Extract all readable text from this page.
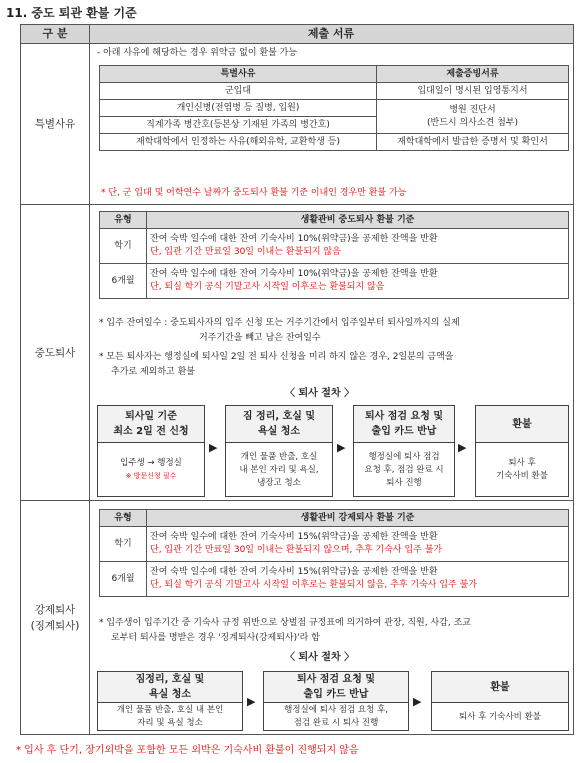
11. 중도 퇴관 환불 기준
구 분	제출 서류
특별사유
- 아래 사유에 해당하는 경우 위약금 없이 환불 가능
특별사유	제출증빙서류
군입대	입대일이 명시된 입영통지서
개인신병(전염병 등 질병, 입원)	병원 진단서
(반드시 의사소견 첨부)

직계가족 병간호(등본상 기재된 가족의 병간호)	
재학대학에서 인정하는 사유(해외유학, 교환학생 등)	재학대학에서 발급한 증명서 및 확인서
* 단, 군 입대 및 어학연수 날짜가 중도퇴사 환불 기준 이내인 경우만 환불 가능
중도퇴사
유형	생활관비 중도퇴사 환불 기준
학기	잔여 숙박 일수에 대한 잔여 기숙사비 10%(위약금)을 공제한 잔액을 반환
단, 입관 기간 만료일 30일 이내는 환불되지 않음

6개월	잔여 숙박 일수에 대한 잔여 기숙사비 10%(위약금)을 공제한 잔액을 반환
단, 퇴실 학기 공식 기말고사 시작일 이후로는 환불되지 않음
* 입주 잔여일수 : 중도퇴사자의 입주 신청 또는 거주기간에서 입주일부터 퇴사일까지의 실제
거주기간을 빼고 남은 잔여일수
* 모든 퇴사자는 행정실에 퇴사일 2일 전 퇴사 신청을 미리 하지 않은 경우, 2일분의 금액을
추가로 제외하고 환불
〈 퇴사 절차 〉
퇴사일 기준
최소 2일 전 신청
입주생 → 행정실
※ 방문신청 필수
▶
짐 정리, 호실 및
욕실 청소
개인 물품 반출, 호실
내 본인 자리 및 욕실,
냉장고 청소
▶
퇴사 점검 요청 및
출입 카드 반납
행정실에 퇴사 점검
요청 후, 점검 완료 시
퇴사 진행
▶
환불
퇴사 후
기숙사비 환불
강제퇴사
(징계퇴사)
유형	생활관비 강제퇴사 환불 기준
학기	잔여 숙박 일수에 대한 잔여 기숙사비 15%(위약금)을 공제한 잔액을 반환
단, 입관 기간 만료일 30일 이내는 환불되지 않으며, 추후 기숙사 입주 불가

6개월	잔여 숙박 일수에 대한 잔여 기숙사비 15%(위약금)을 공제한 잔액을 반환
단, 퇴실 학기 공식 기말고사 시작일 이후로는 환불되지 않음, 추후 기숙사 입주 불가
* 입주생이 입주기간 중 기숙사 규정 위반으로 상벌점 규정표에 의거하여 관장, 직원, 사감, 조교
로부터 퇴사를 명받은 경우 '징계퇴사(강제퇴사)'라 함
〈 퇴사 절차 〉
짐정리, 호실 및
욕실 청소
개인 물품 반출, 호실 내 본인
자리 및 욕실 청소
▶
퇴사 점검 요청 및
출입 카드 반납
행정실에 퇴사 점검 요청 후,
점검 완료 시 퇴사 진행
▶
환불
퇴사 후 기숙사비 환불
* 입사 후 단기, 장기외박을 포함한 모든 외박은 기숙사비 환불이 진행되지 않음
